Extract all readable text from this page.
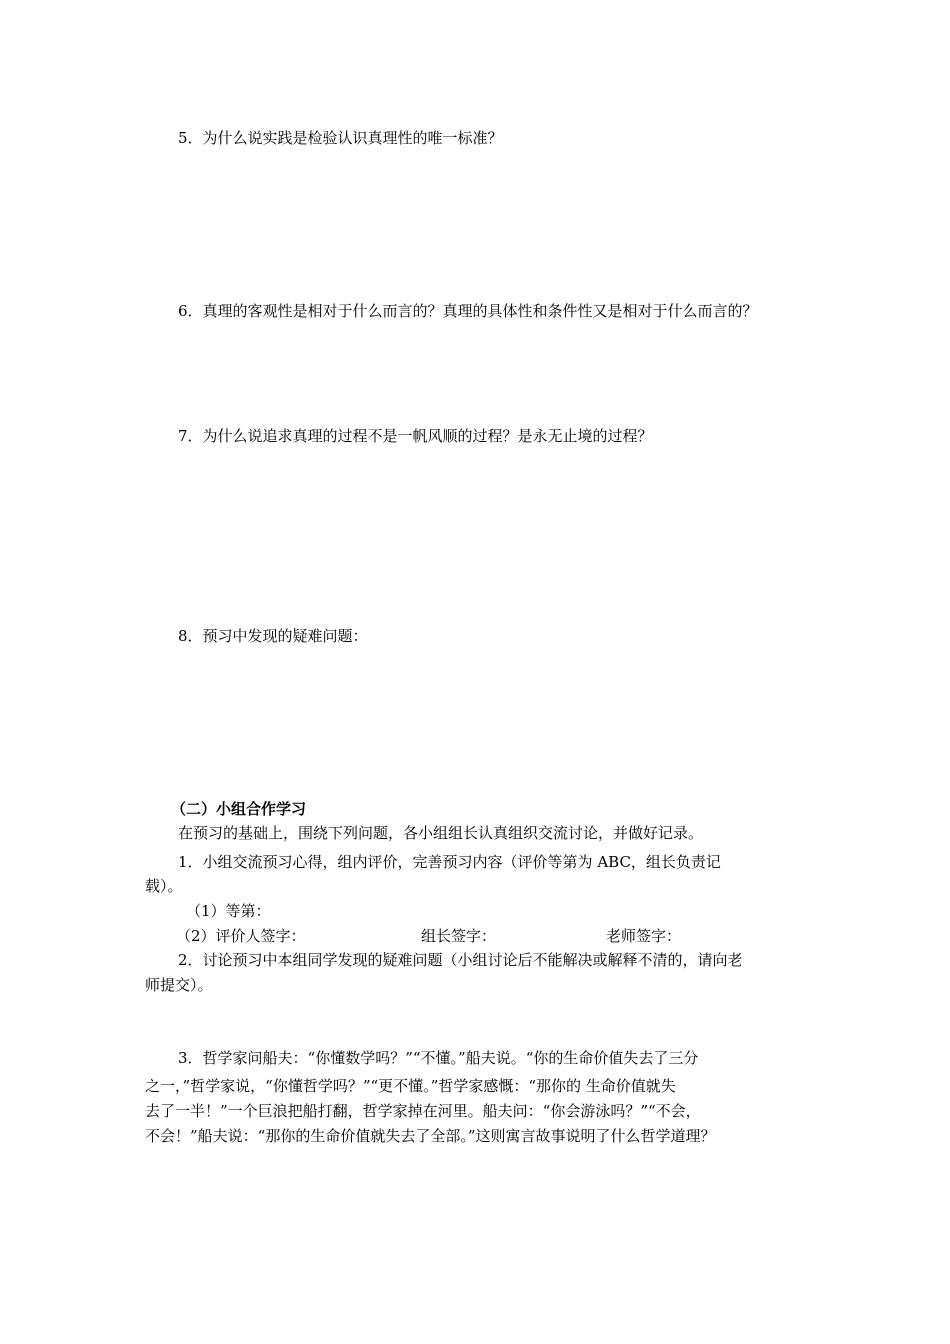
5．为什么说实践是检验认识真理性的唯一标准？
6．真理的客观性是相对于什么而言的？真理的具体性和条件性又是相对于什么而言的？
7．为什么说追求真理的过程不是一帆风顺的过程？是永无止境的过程？
8．预习中发现的疑难问题：
（二）小组合作学习
在预习的基础上，围绕下列问题，各小组组长认真组织交流讨论，并做好记录。
1．小组交流预习心得，组内评价，完善预习内容（评价等第为 ABC，组长负责记
载）。
（1）等第：
（2）评价人签字：	组长签字：	老师签字：
2．讨论预习中本组同学发现的疑难问题（小组讨论后不能解决或解释不清的，请向老
师提交）。
3．哲学家问船夫：“你懂数学吗？”“不懂。”船夫说。“你的生命价值失去了三分
之一，”哲学家说，“你懂哲学吗？”“更不懂。”哲学家感慨：“那你的 生命价值就失
去了一半！”一个巨浪把船打翻，哲学家掉在河里。船夫问：“你会游泳吗？”“不会，
不会！”船夫说：“那你的生命价值就失去了全部。”这则寓言故事说明了什么哲学道理？
